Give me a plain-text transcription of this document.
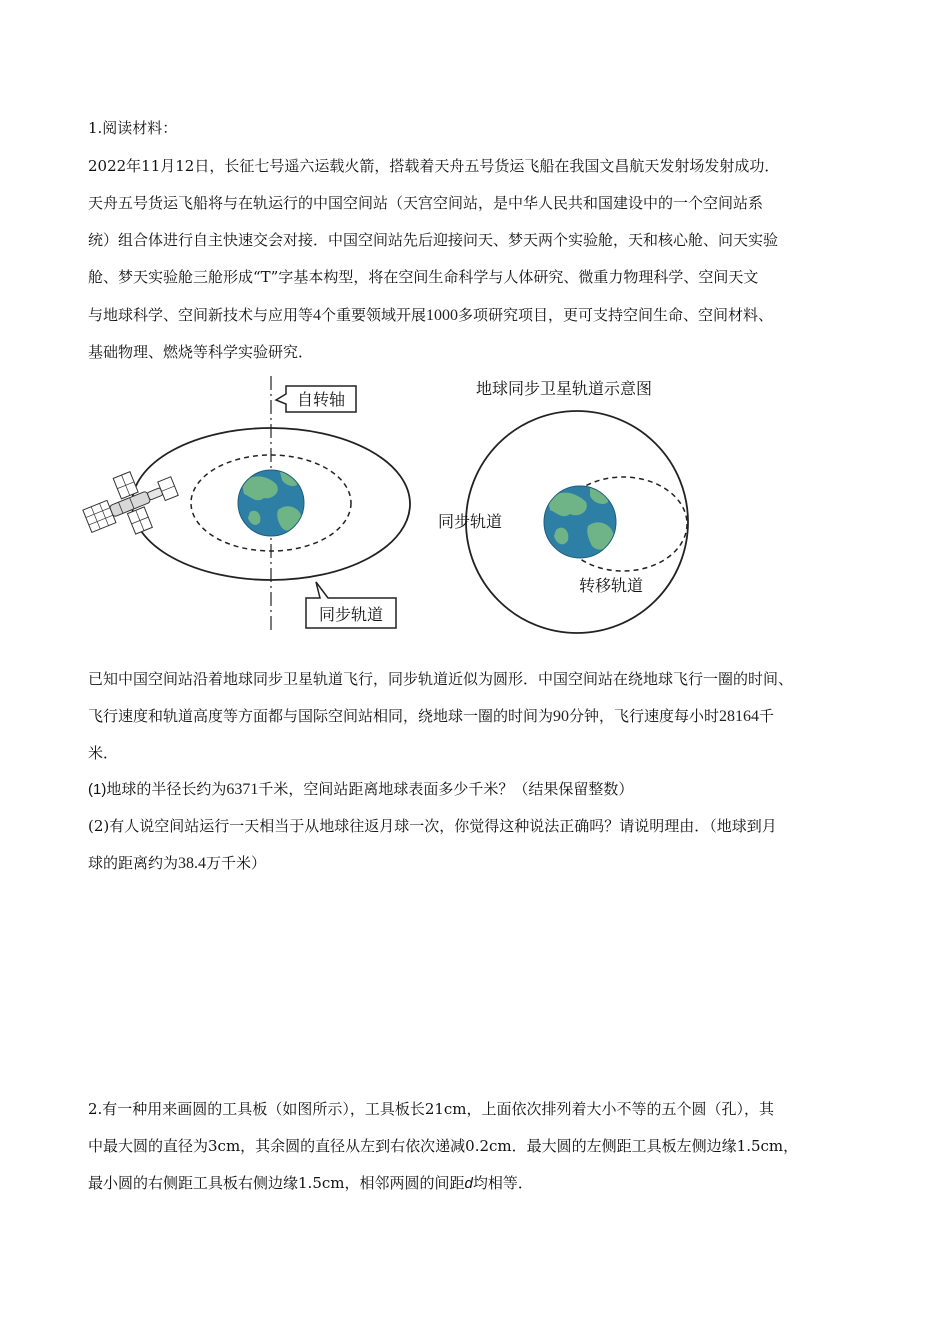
1.阅读材料：
2022年11月12日，长征七号遥六运载火箭，搭载着天舟五号货运飞船在我国文昌航天发射场发射成功．
天舟五号货运飞船将与在轨运行的中国空间站（天宫空间站，是中华人民共和国建设中的一个空间站系
统）组合体进行自主快速交会对接．中国空间站先后迎接问天、梦天两个实验舱，天和核心舱、问天实验
舱、梦天实验舱三舱形成“T”字基本构型，将在空间生命科学与人体研究、微重力物理科学、空间天文
与地球科学、空间新技术与应用等4个重要领域开展1000多项研究项目，更可支持空间生命、空间材料、
基础物理、燃烧等科学实验研究．
自转轴
同步轨道
地球同步卫星轨道示意图
同步轨道
转移轨道
已知中国空间站沿着地球同步卫星轨道飞行，同步轨道近似为圆形．中国空间站在绕地球飞行一圈的时间、
飞行速度和轨道高度等方面都与国际空间站相同，绕地球一圈的时间为90分钟，飞行速度每小时28164千
米．
(1)地球的半径长约为6371千米，空间站距离地球表面多少千米？（结果保留整数）
(2)有人说空间站运行一天相当于从地球往返月球一次，你觉得这种说法正确吗？请说明理由．（地球到月
球的距离约为38.4万千米）
2.有一种用来画圆的工具板（如图所示），工具板长21cm，上面依次排列着大小不等的五个圆（孔），其
中最大圆的直径为3cm，其余圆的直径从左到右依次递减0.2cm．最大圆的左侧距工具板左侧边缘1.5cm，
最小圆的右侧距工具板右侧边缘1.5cm，相邻两圆的间距d均相等．
